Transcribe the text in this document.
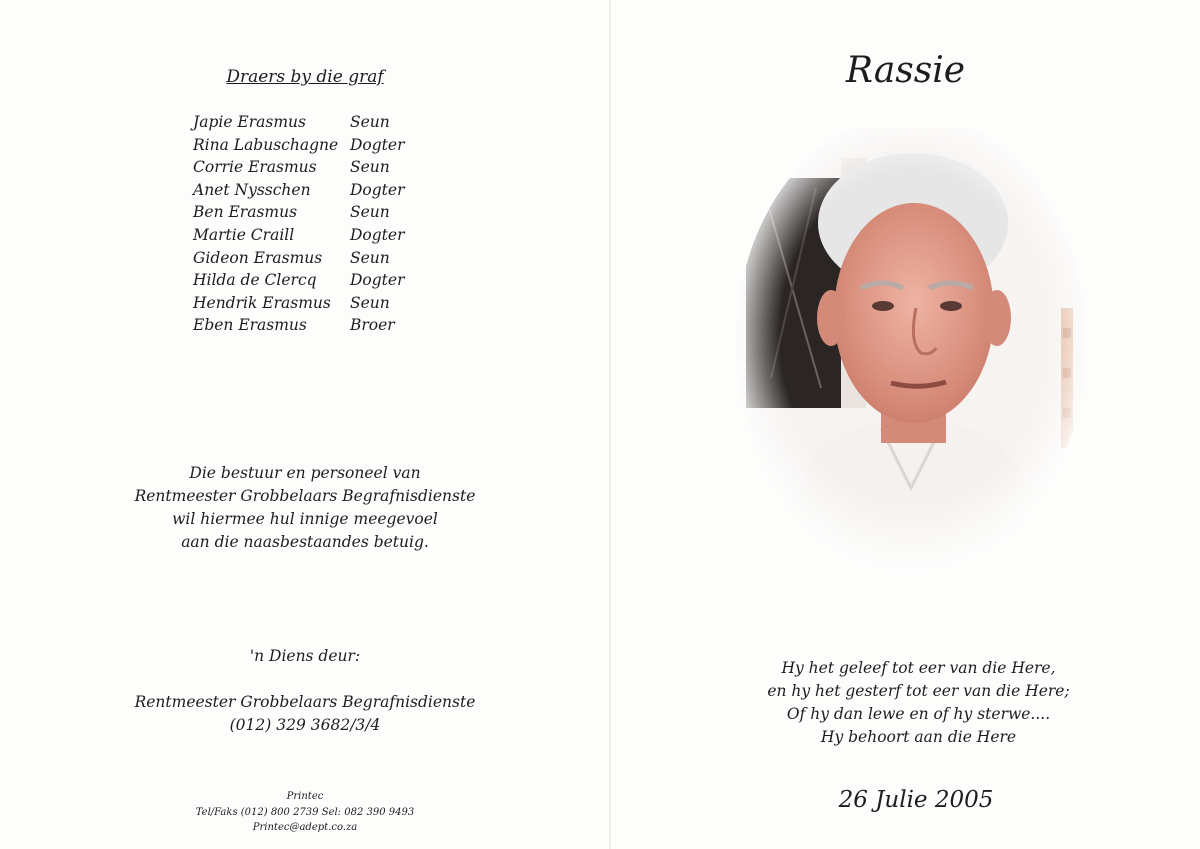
Draers by die graf
Japie Erasmus	Seun
Rina Labuschagne Dogter
Corrie Erasmus Seun
Anet Nysschen	Dogter
Ben Erasmus	Seun
Martie Craill	Dogter
Gideon Erasmus Seun
Hilda de Clercq Dogter
Hendrik Erasmus Seun
Eben Erasmus	Broer
Die bestuur en personeel van
Rentmeester Grobbelaars Begrafnisdienste
wil hiermee hul innige meegevoel
aan die naasbestaandes betuig.
'n Diens deur:
Rentmeester Grobbelaars Begrafnisdienste
(012) 329 3682/3/4
Printec
Tel/Faks (012) 800 2739 Sel: 082 390 9493
Printec@adept.co.za
Rassie
Hy het geleef tot eer van die Here,
en hy het gesterf tot eer van die Here;
Of hy dan lewe en of hy sterwe....
Hy behoort aan die Here
26 Julie 2005
